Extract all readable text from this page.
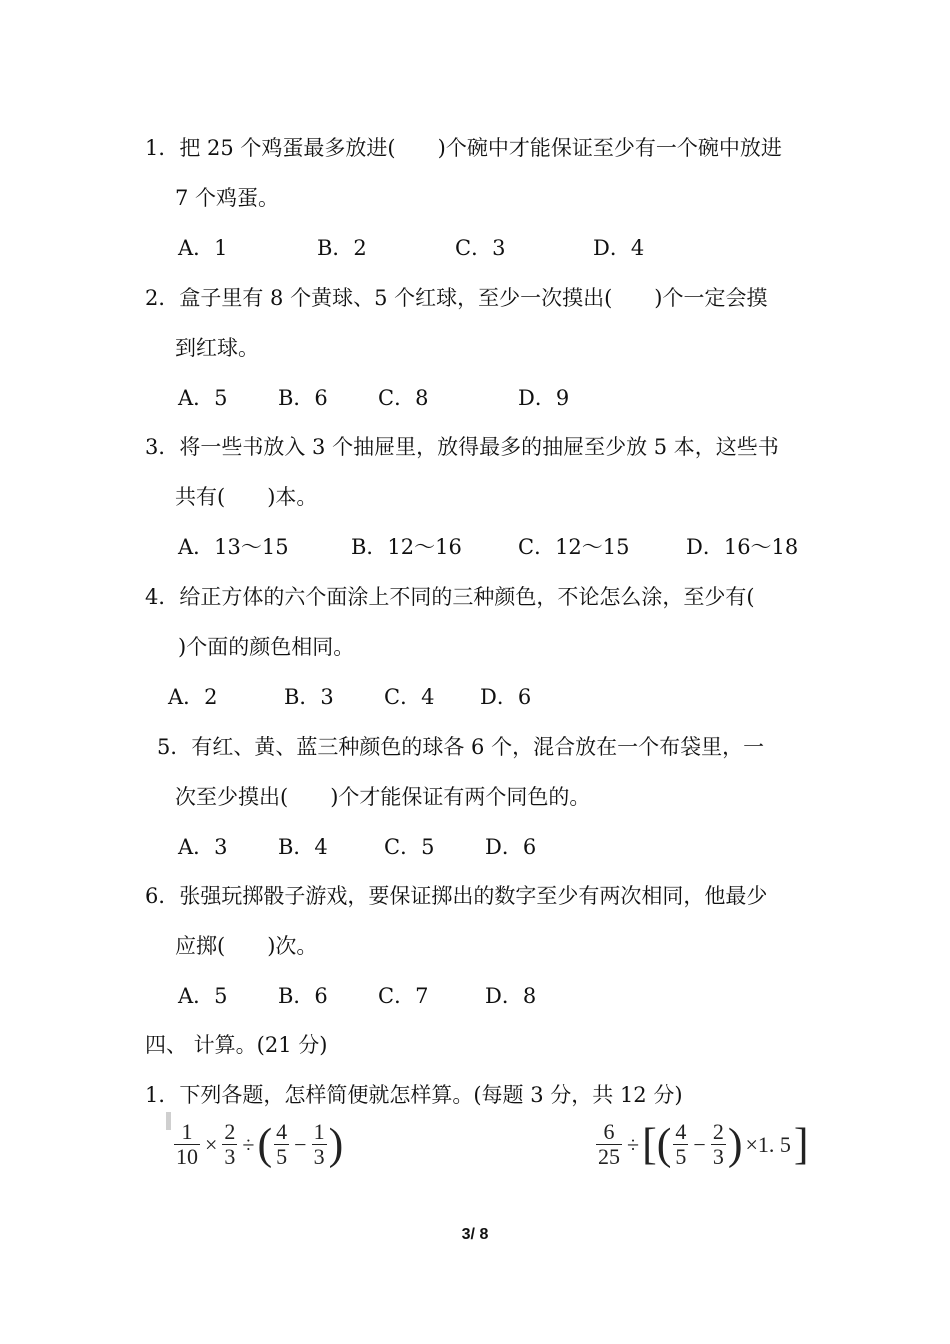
1．把 25 个鸡蛋最多放进(　　)个碗中才能保证至少有一个碗中放进
7 个鸡蛋。
A．1	B．2	C．3	D．4
2．盒子里有 8 个黄球、5 个红球，至少一次摸出(　　)个一定会摸
到红球。
A．5 B．6 C．8	D．9
3．将一些书放入 3 个抽屉里，放得最多的抽屉至少放 5 本，这些书
共有(　　)本。
A．13～15	B．12～16	C．12～15	D．16～18
4．给正方体的六个面涂上不同的三种颜色，不论怎么涂，至少有(
)个面的颜色相同。
A．2	B．3 C．4 D．6
5．有红、黄、蓝三种颜色的球各 6 个，混合放在一个布袋里，一
次至少摸出(　　)个才能保证有两个同色的。
A．3 B．4	C．5 D．6
6．张强玩掷骰子游戏，要保证掷出的数字至少有两次相同，他最少
应掷(　　)次。
A．5 B．6 C．7	D．8
四、 计算。(21 分)
1．下列各题，怎样简便就怎样算。(每题 3 分，共 12 分)
$\frac{1}{10} \times \frac{2}{3}$ ÷( $\frac{4}{5} - \frac{1}{3}$ )	$\frac{6}{25}$ ÷[( $\frac{4}{5} - \frac{2}{3}$ ) ×1. 5]
3/ 8
